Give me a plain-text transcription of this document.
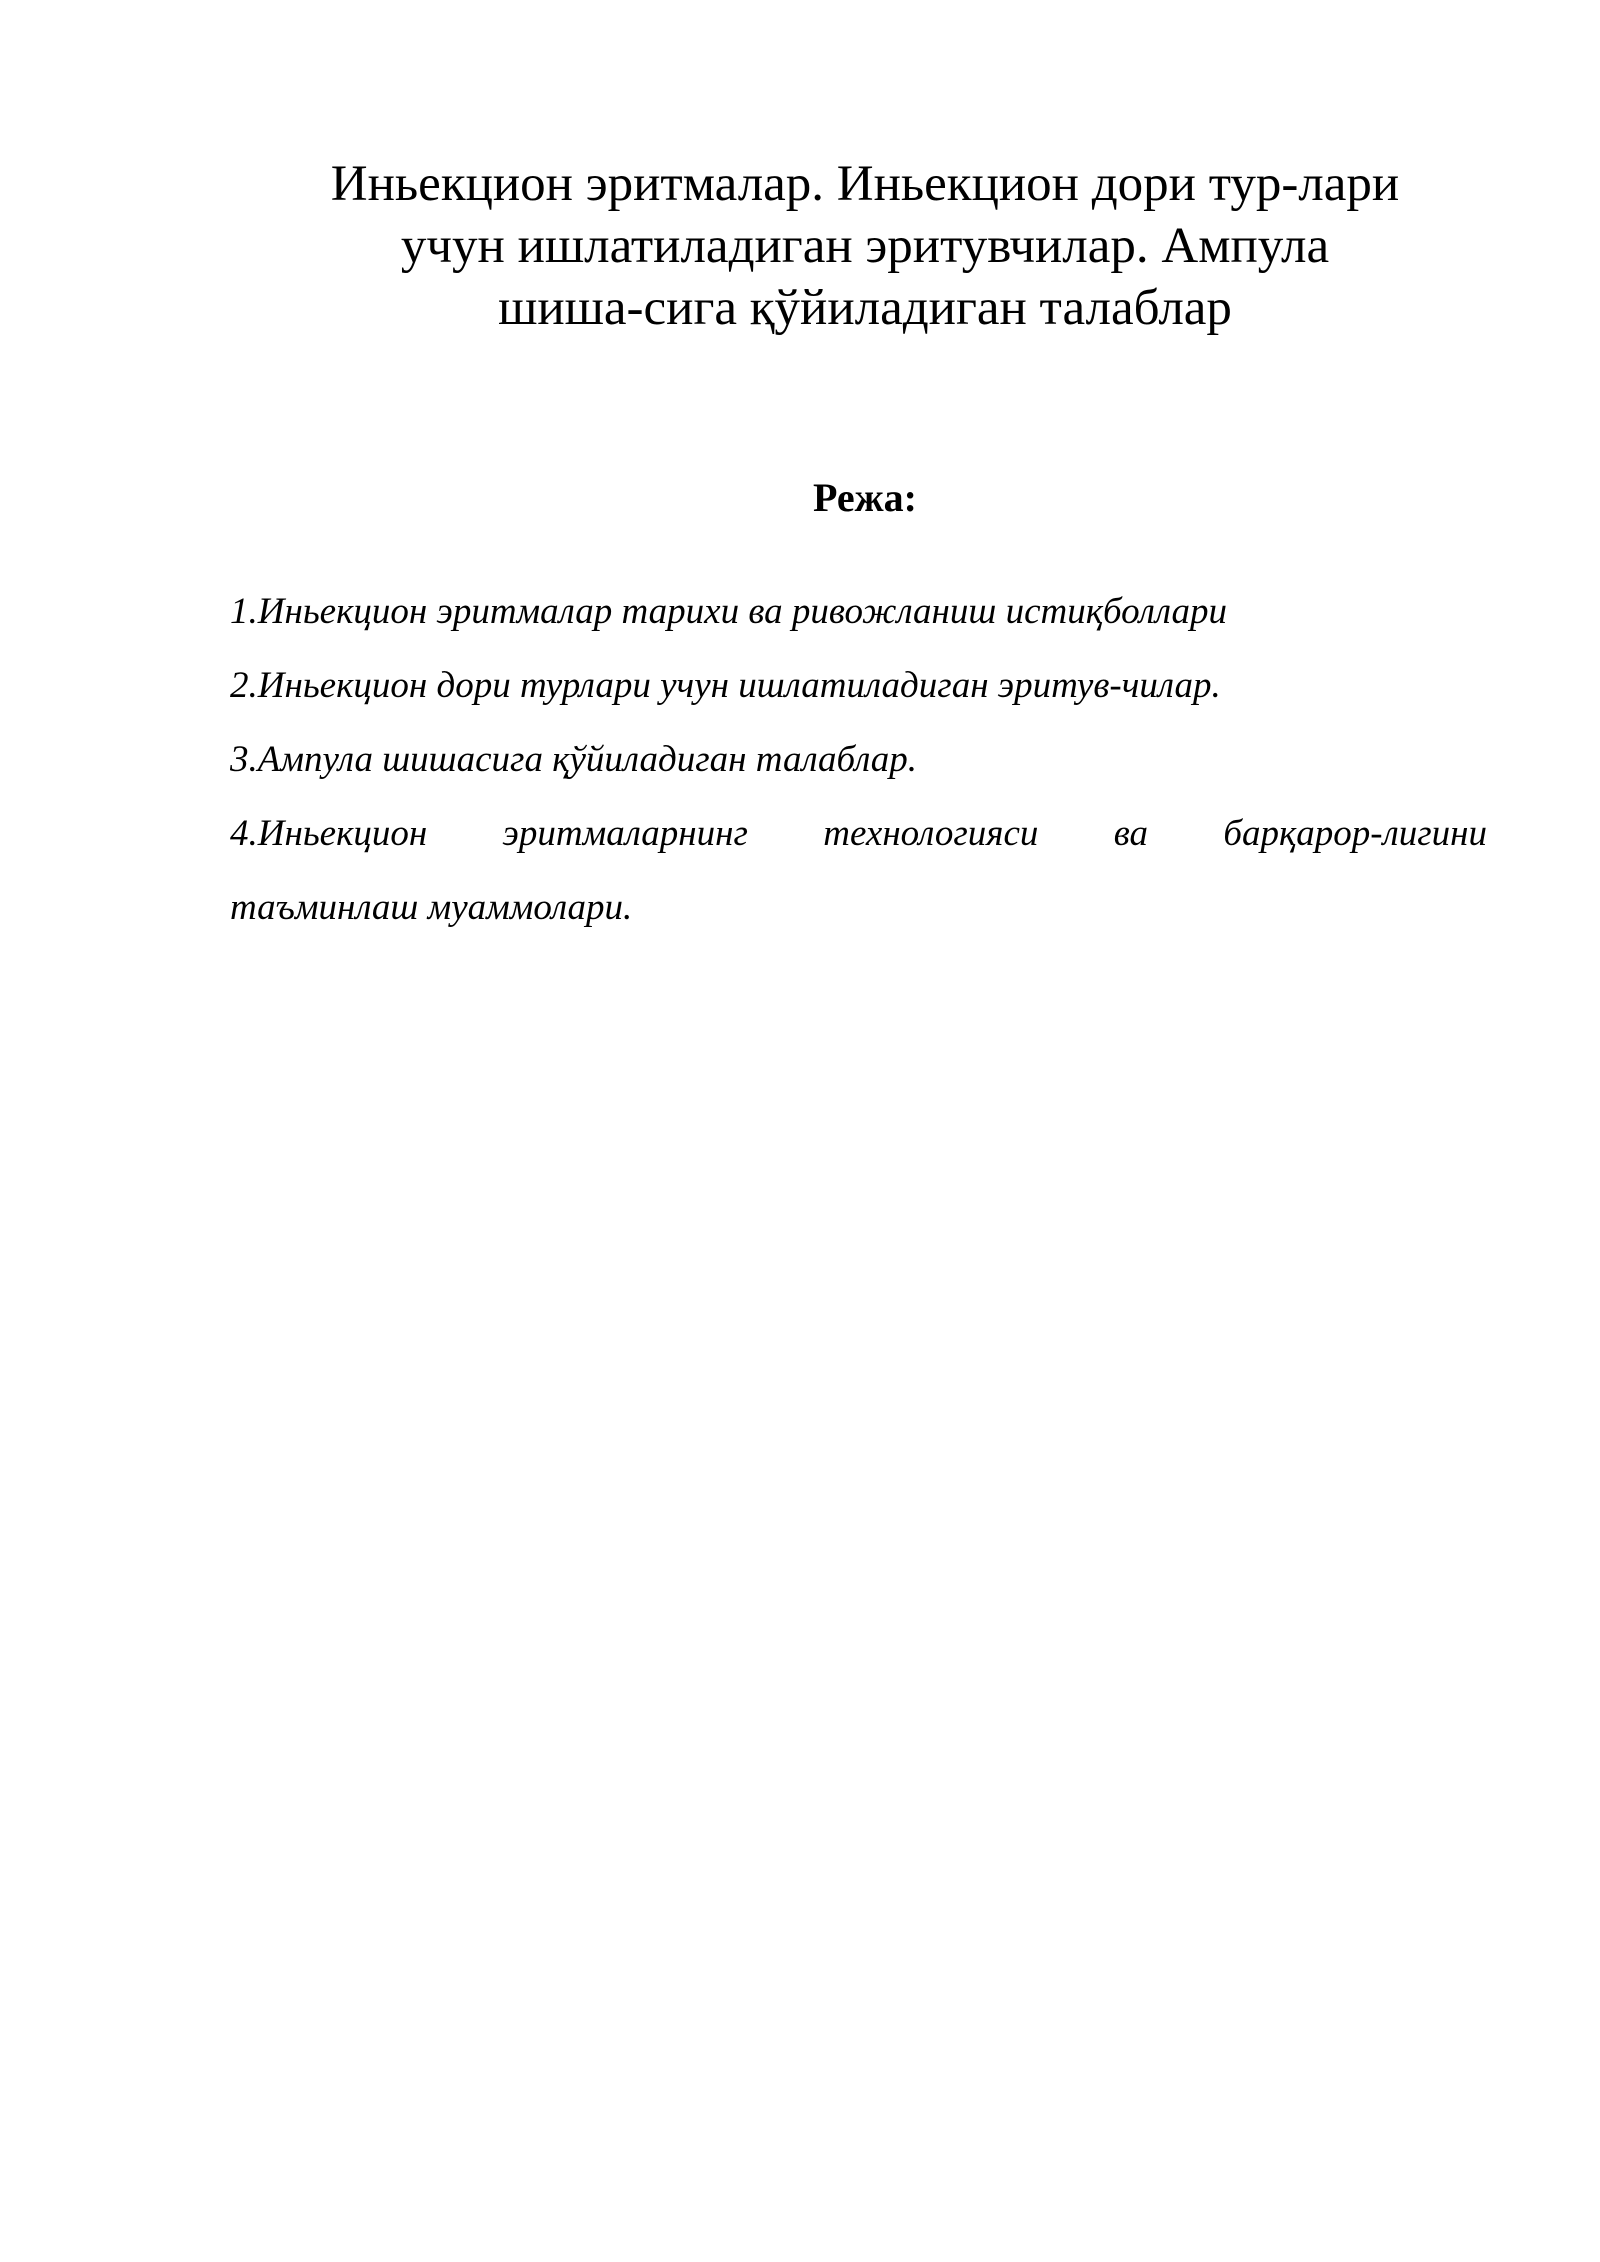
Иньекцион эритмалар. Иньекцион дори тур-лари
учун ишлатиладиган эритувчилар. Ампула
шиша-сига қўйиладиган талаблар
Режа:
1.Иньекцион эритмалар тарихи ва ривожланиш истиқболлари
2.Иньекцион дори турлари учун ишлатиладиган эритув-чилар.
3.Ампула шишасига қўйиладиган талаблар.
4.Иньекцион эритмаларнинг технологияси ва барқарор-лигини
таъминлаш муаммолари.
